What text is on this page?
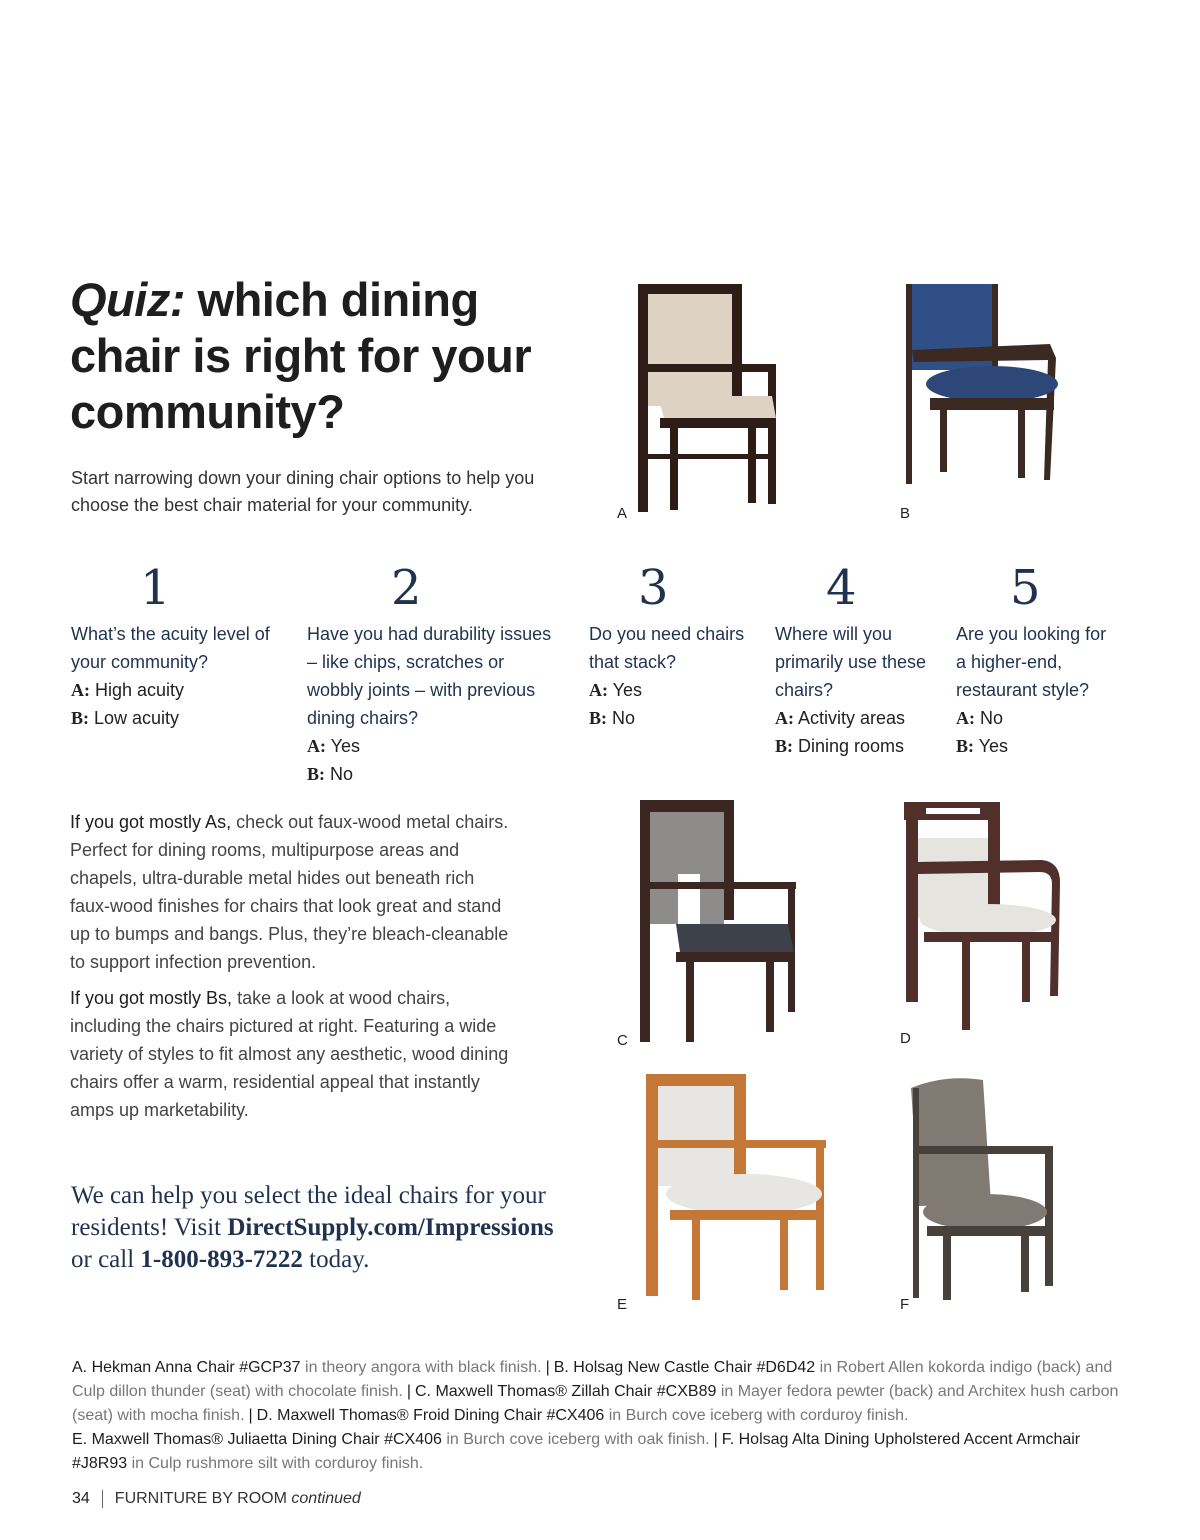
Quiz: which dining chair is right for your community?

Start narrowing down your dining chair options to help you choose the best chair material for your community.

1
What’s the acuity level of your community?
A: High acuity
B: Low acuity
2
Have you had durability issues – like chips, scratches or wobbly joints – with previous dining chairs?
A: Yes
B: No
3
Do you need chairs that stack?
A: Yes
B: No
4
Where will you primarily use these chairs?
A: Activity areas
B: Dining rooms
5
Are you looking for a higher-end, restaurant style?
A: No
B: Yes

If you got mostly As, check out faux-wood metal chairs. Perfect for dining rooms, multipurpose areas and chapels, ultra-durable metal hides out beneath rich faux-wood finishes for chairs that look great and stand up to bumps and bangs. Plus, they’re bleach-cleanable to support infection prevention.

If you got mostly Bs, take a look at wood chairs, including the chairs pictured at right. Featuring a wide variety of styles to fit almost any aesthetic, wood dining chairs offer a warm, residential appeal that instantly amps up marketability.

We can help you select the ideal chairs for your residents! Visit DirectSupply.com/Impressions or call 1-800-893-7222 today.

A	B
C	D
E	F

A. Hekman Anna Chair #GCP37 in theory angora with black finish. | B. Holsag New Castle Chair #D6D42 in Robert Allen kokorda indigo (back) and Culp dillon thunder (seat) with chocolate finish. | C. Maxwell Thomas® Zillah Chair #CXB89 in Mayer fedora pewter (back) and Architex hush carbon (seat) with mocha finish. | D. Maxwell Thomas® Froid Dining Chair #CX406 in Burch cove iceberg with corduroy finish.
E. Maxwell Thomas® Juliaetta Dining Chair #CX406 in Burch cove iceberg with oak finish. | F. Holsag Alta Dining Upholstered Accent Armchair #J8R93 in Culp rushmore silt with corduroy finish.

34 FURNITURE BY ROOM continued
